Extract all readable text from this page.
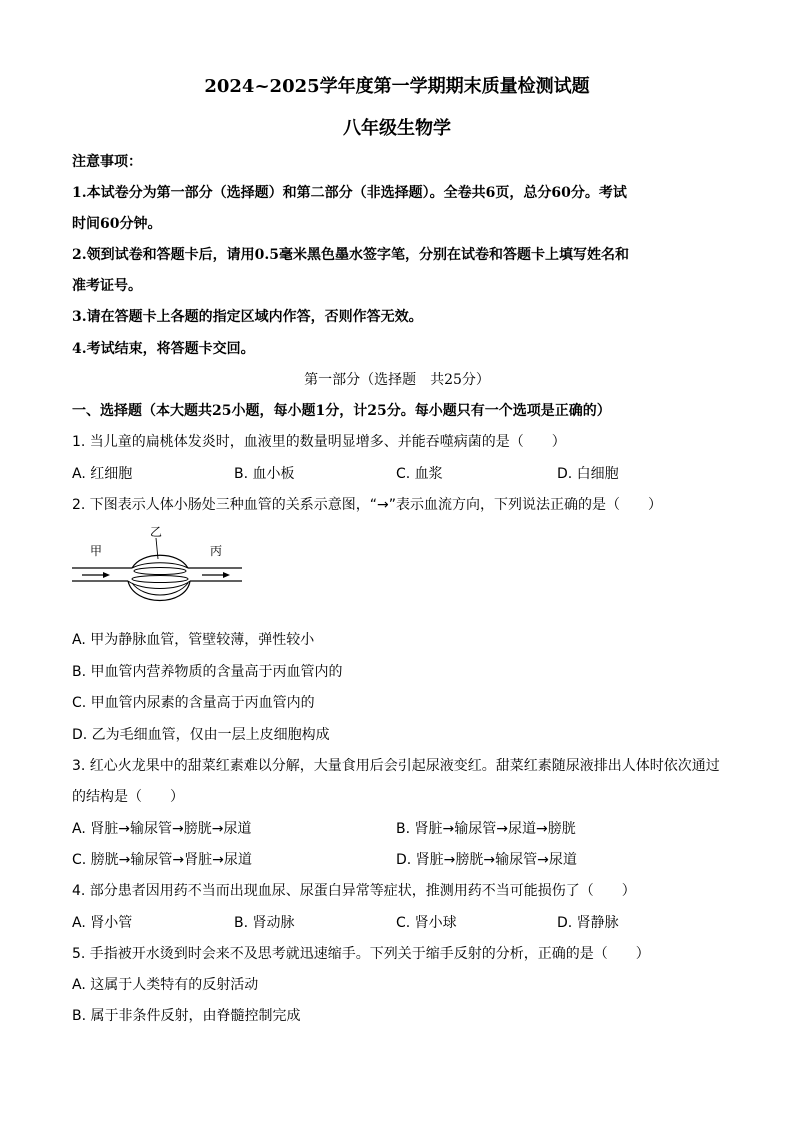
2024~2025学年度第一学期期末质量检测试题
八年级生物学
注意事项：
1.本试卷分为第一部分（选择题）和第二部分（非选择题）。全卷共6页，总分60分。考试
时间60分钟。
2.领到试卷和答题卡后，请用0.5毫米黑色墨水签字笔，分别在试卷和答题卡上填写姓名和
准考证号。
3.请在答题卡上各题的指定区域内作答，否则作答无效。
4.考试结束，将答题卡交回。
第一部分（选择题　共25分）
一、选择题（本大题共25小题，每小题1分，计25分。每小题只有一个选项是正确的）
1. 当儿童的扁桃体发炎时，血液里的数量明显增多、并能吞噬病菌的是（　　）
A. 红细胞	B. 血小板	C. 血浆	D. 白细胞
2. 下图表示人体小肠处三种血管的关系示意图，“→”表示血流方向，下列说法正确的是（　　）
甲
乙
丙
A. 甲为静脉血管，管壁较薄，弹性较小
B. 甲血管内营养物质的含量高于丙血管内的
C. 甲血管内尿素的含量高于丙血管内的
D. 乙为毛细血管，仅由一层上皮细胞构成
3. 红心火龙果中的甜菜红素难以分解，大量食用后会引起尿液变红。甜菜红素随尿液排出人体时依次通过
的结构是（　　）
A. 肾脏→输尿管→膀胱→尿道	B. 肾脏→输尿管→尿道→膀胱
C. 膀胱→输尿管→肾脏→尿道	D. 肾脏→膀胱→输尿管→尿道
4. 部分患者因用药不当而出现血尿、尿蛋白异常等症状，推测用药不当可能损伤了（　　）
A. 肾小管	B. 肾动脉	C. 肾小球	D. 肾静脉
5. 手指被开水烫到时会来不及思考就迅速缩手。下列关于缩手反射的分析，正确的是（　　）
A. 这属于人类特有的反射活动
B. 属于非条件反射，由脊髓控制完成
